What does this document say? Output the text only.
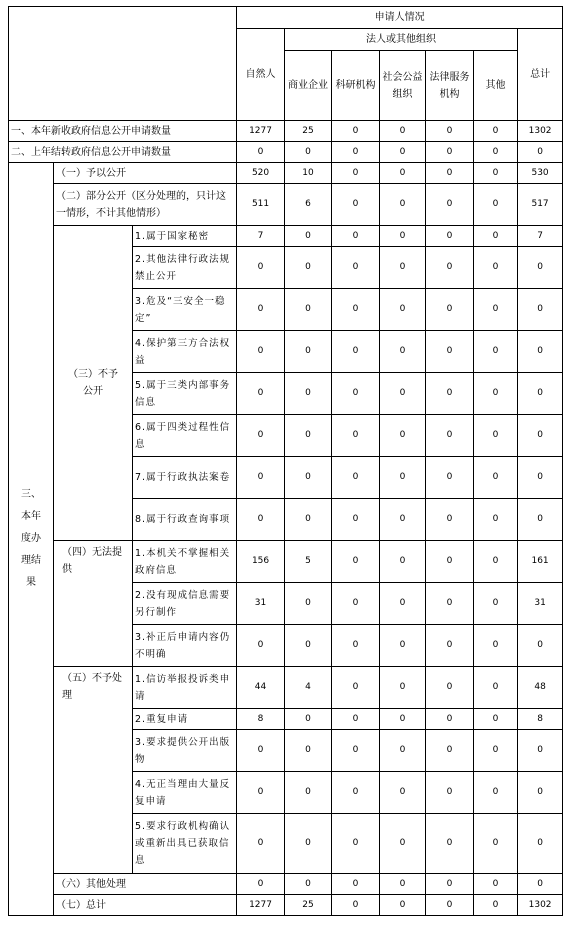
			申请人情况						
			自然人	法人或其他组织					总计
				商业企业	科研机构	社会公益组织	法律服务机构	其他	
一、本年新收政府信息公开申请数量			1277	25	0	0	0	0	1302
二、上年结转政府信息公开申请数量			0	0	0	0	0	0	0
三、本年度办理结果	（一）予以公开		520	10	0	0	0	0	530
	（二）部分公开（区分处理的，只计这一情形，不计其他情形）		511	6	0	0	0	0	517
	（三）不予公开	1.属于国家秘密	7	0	0	0	0	0	7
		2.其他法律行政法规禁止公开	0	0	0	0	0	0	0
		3.危及“三安全一稳定”	0	0	0	0	0	0	0
		4.保护第三方合法权益	0	0	0	0	0	0	0
		5.属于三类内部事务信息	0	0	0	0	0	0	0
		6.属于四类过程性信息	0	0	0	0	0	0	0
		7.属于行政执法案卷	0	0	0	0	0	0	0
		8.属于行政查询事项	0	0	0	0	0	0	0
	（四）无法提供	1.本机关不掌握相关政府信息	156	5	0	0	0	0	161
		2.没有现成信息需要另行制作	31	0	0	0	0	0	31
		3.补正后申请内容仍不明确	0	0	0	0	0	0	0
	（五）不予处理	1.信访举报投诉类申请	44	4	0	0	0	0	48
		2.重复申请	8	0	0	0	0	0	8
		3.要求提供公开出版物	0	0	0	0	0	0	0
		4.无正当理由大量反复申请	0	0	0	0	0	0	0
		5.要求行政机构确认或重新出具已获取信息	0	0	0	0	0	0	0
	（六）其他处理		0	0	0	0	0	0	0
	（七）总计		1277	25	0	0	0	0	1302
